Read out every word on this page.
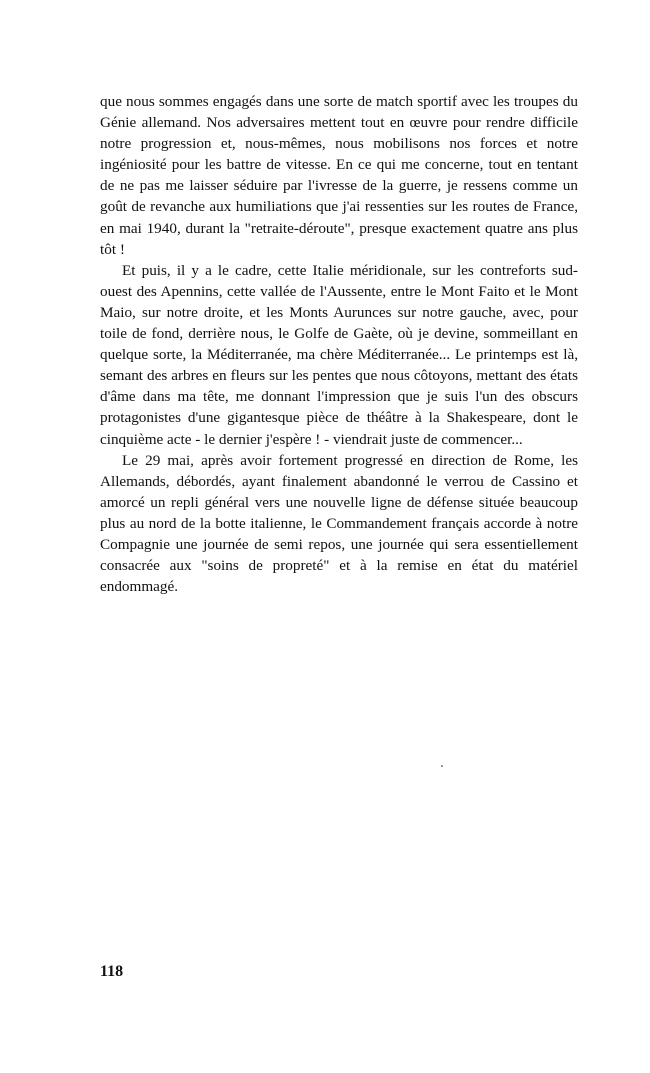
que nous sommes engagés dans une sorte de match sportif avec les troupes du Génie allemand. Nos adversaires mettent tout en œuvre pour rendre difficile notre progression et, nous-mêmes, nous mobilisons nos forces et notre ingéniosité pour les battre de vitesse. En ce qui me concerne, tout en tentant de ne pas me laisser séduire par l'ivresse de la guerre, je ressens comme un goût de revanche aux humiliations que j'ai ressenties sur les routes de France, en mai 1940, durant la "retraite-déroute", presque exactement quatre ans plus tôt !

Et puis, il y a le cadre, cette Italie méridionale, sur les contreforts sud-ouest des Apennins, cette vallée de l'Aussente, entre le Mont Faito et le Mont Maio, sur notre droite, et les Monts Aurunces sur notre gauche, avec, pour toile de fond, derrière nous, le Golfe de Gaète, où je devine, sommeillant en quelque sorte, la Méditerranée, ma chère Méditerranée... Le printemps est là, semant des arbres en fleurs sur les pentes que nous côtoyons, mettant des états d'âme dans ma tête, me donnant l'impression que je suis l'un des obscurs protagonistes d'une gigantesque pièce de théâtre à la Shakespeare, dont le cinquième acte - le dernier j'espère ! - viendrait juste de commencer...

Le 29 mai, après avoir fortement progressé en direction de Rome, les Allemands, débordés, ayant finalement abandonné le verrou de Cassino et amorcé un repli général vers une nouvelle ligne de défense située beaucoup plus au nord de la botte italienne, le Commandement français accorde à notre Compagnie une journée de semi repos, une journée qui sera essentiellement consacrée aux "soins de propreté" et à la remise en état du matériel endommagé.

118
